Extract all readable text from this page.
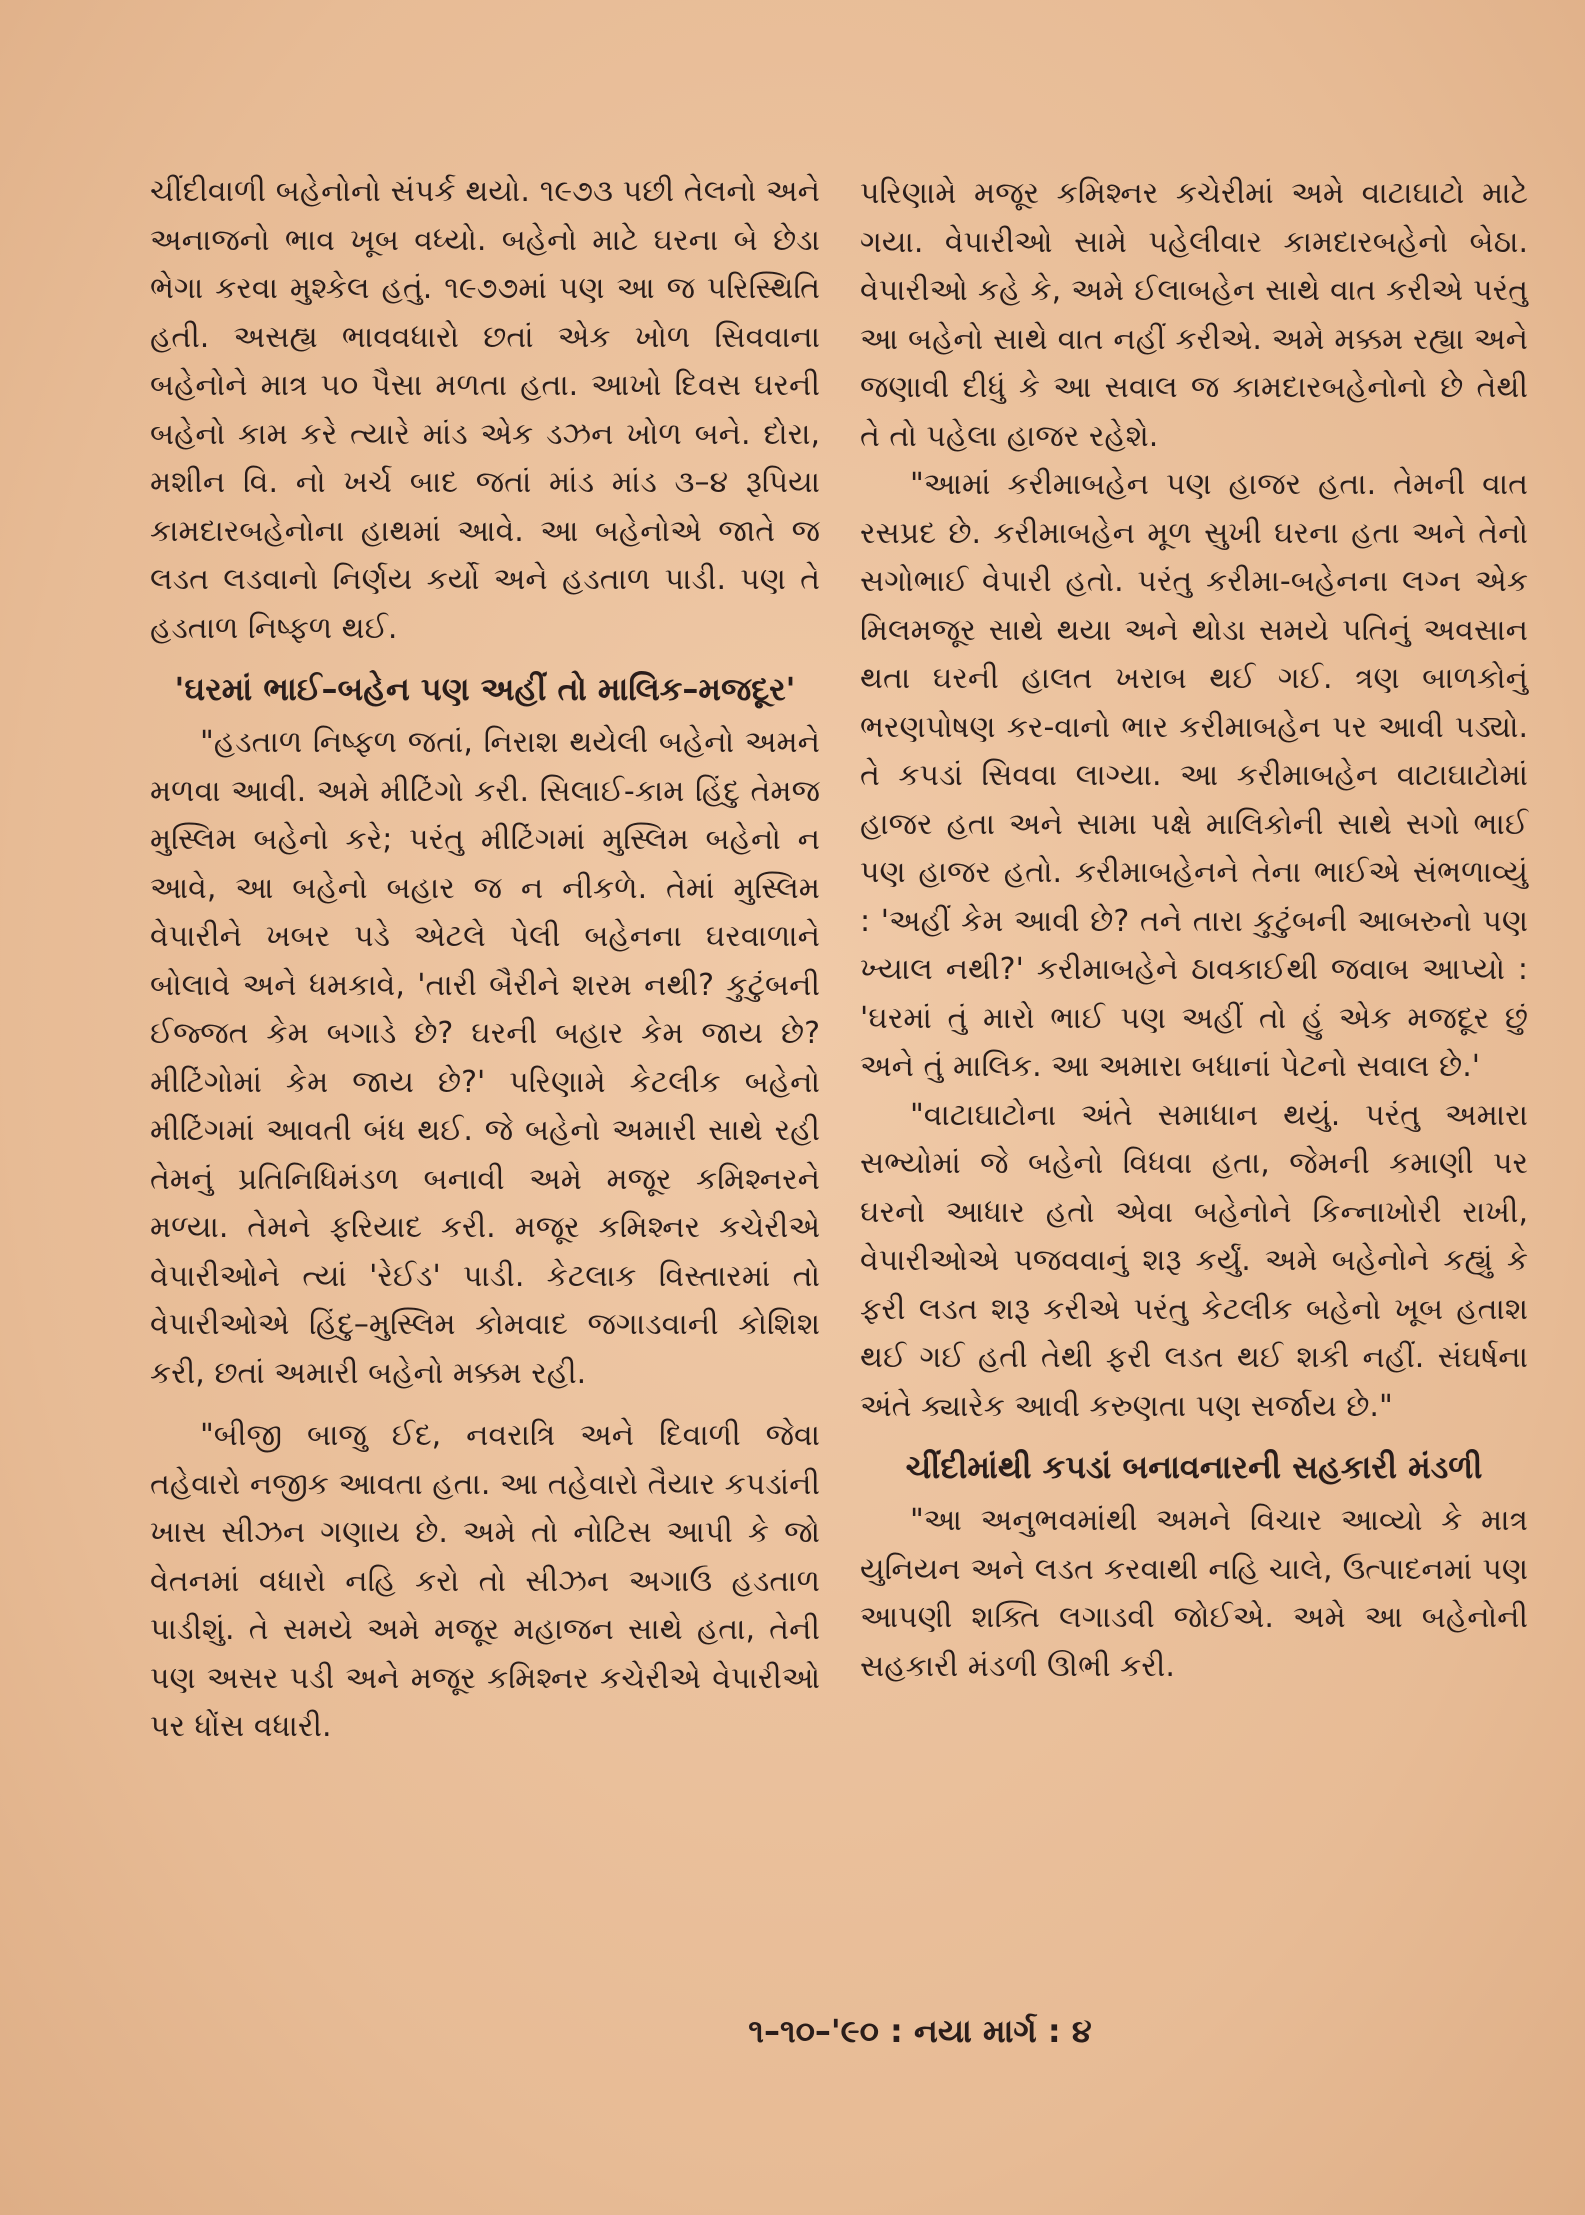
ચીંદીવાળી બહેનોનો સંપર્ક થયો. ૧૯૭૩ પછી તેલનો અને અનાજનો ભાવ ખૂબ વધ્યો. બહેનો માટે ઘરના બે છેડા ભેગા કરવા મુશ્કેલ હતું. ૧૯૭૭માં પણ આ જ પરિસ્થિતિ હતી. અસહ્ય ભાવવધારો છતાં એક ખોળ સિવવાના બહેનોને માત્ર ૫૦ પૈસા મળતા હતા. આખો દિવસ ઘરની બહેનો કામ કરે ત્યારે માંડ એક ડઝન ખોળ બને. દોરા, મશીન વિ. નો ખર્ચ બાદ જતાં માંડ માંડ ૩–૪ રૂપિયા કામદારબહેનોના હાથમાં આવે. આ બહેનોએ જાતે જ લડત લડવાનો નિર્ણય કર્યો અને હડતાળ પાડી. પણ તે હડતાળ નિષ્ફળ થઈ.

'ઘરમાં ભાઈ–બહેન પણ અહીં તો માલિક–મજદૂર'

"હડતાળ નિષ્ફળ જતાં, નિરાશ થયેલી બહેનો અમને મળવા આવી. અમે મીટિંગો કરી. સિલાઈ-કામ હિંદુ તેમજ મુસ્લિમ બહેનો કરે; પરંતુ મીટિંગમાં મુસ્લિમ બહેનો ન આવે, આ બહેનો બહાર જ ન નીકળે. તેમાં મુસ્લિમ વેપારીને ખબર પડે એટલે પેલી બહેનના ઘરવાળાને બોલાવે અને ધમકાવે, 'તારી બૈરીને શરમ નથી? કુટુંબની ઈજ્જત કેમ બગાડે છે? ઘરની બહાર કેમ જાય છે? મીટિંગોમાં કેમ જાય છે?' પરિણામે કેટલીક બહેનો મીટિંગમાં આવતી બંધ થઈ. જે બહેનો અમારી સાથે રહી તેમનું પ્રતિનિધિમંડળ બનાવી અમે મજૂર કમિશ્નરને મળ્યા. તેમને ફરિયાદ કરી. મજૂર કમિશ્નર કચેરીએ વેપારીઓને ત્યાં 'રેઈડ' પાડી. કેટલાક વિસ્તારમાં તો વેપારીઓએ હિંદુ–મુસ્લિમ કોમવાદ જગાડવાની કોશિશ કરી, છતાં અમારી બહેનો મક્કમ રહી.

"બીજી બાજુ ઈદ, નવરાત્રિ અને દિવાળી જેવા તહેવારો નજીક આવતા હતા. આ તહેવારો તૈયાર કપડાંની ખાસ સીઝન ગણાય છે. અમે તો નોટિસ આપી કે જો વેતનમાં વધારો નહિ કરો તો સીઝન અગાઉ હડતાળ પાડીશું. તે સમયે અમે મજૂર મહાજન સાથે હતા, તેની પણ અસર પડી અને મજૂર કમિશ્નર કચેરીએ વેપારીઓ પર ધોંસ વધારી.

પરિણામે મજૂર કમિશ્નર કચેરીમાં અમે વાટાઘાટો માટે ગયા. વેપારીઓ સામે પહેલીવાર કામદારબહેનો બેઠા. વેપારીઓ કહે કે, અમે ઈલાબહેન સાથે વાત કરીએ પરંતુ આ બહેનો સાથે વાત નહીં કરીએ. અમે મક્કમ રહ્યા અને જણાવી દીધું કે આ સવાલ જ કામદારબહેનોનો છે તેથી તે તો પહેલા હાજર રહેશે.

"આમાં કરીમાબહેન પણ હાજર હતા. તેમની વાત રસપ્રદ છે. કરીમાબહેન મૂળ સુખી ઘરના હતા અને તેનો સગોભાઈ વેપારી હતો. પરંતુ કરીમા-બહેનના લગ્ન એક મિલમજૂર સાથે થયા અને થોડા સમયે પતિનું અવસાન થતા ઘરની હાલત ખરાબ થઈ ગઈ. ત્રણ બાળકોનું ભરણપોષણ કર-વાનો ભાર કરીમાબહેન પર આવી પડ્યો. તે કપડાં સિવવા લાગ્યા. આ કરીમાબહેન વાટાઘાટોમાં હાજર હતા અને સામા પક્ષે માલિકોની સાથે સગો ભાઈ પણ હાજર હતો. કરીમાબહેનને તેના ભાઈએ સંભળાવ્યું : 'અહીં કેમ આવી છે? તને તારા કુટુંબની આબરુનો પણ ખ્યાલ નથી?' કરીમાબહેને ઠાવકાઈથી જવાબ આપ્યો : 'ઘરમાં તું મારો ભાઈ પણ અહીં તો હું એક મજદૂર છું અને તું માલિક. આ અમારા બધાનાં પેટનો સવાલ છે.'

"વાટાઘાટોના અંતે સમાધાન થયું. પરંતુ અમારા સભ્યોમાં જે બહેનો વિધવા હતા, જેમની કમાણી પર ઘરનો આધાર હતો એવા બહેનોને કિન્નાખોરી રાખી, વેપારીઓએ પજવવાનું શરૂ કર્યું. અમે બહેનોને કહ્યું કે ફરી લડત શરૂ કરીએ પરંતુ કેટલીક બહેનો ખૂબ હતાશ થઈ ગઈ હતી તેથી ફરી લડત થઈ શકી નહીં. સંઘર્ષના અંતે ક્યારેક આવી કરુણતા પણ સર્જાય છે."

ચીંદીમાંથી કપડાં બનાવનારની સહકારી મંડળી

"આ અનુભવમાંથી અમને વિચાર આવ્યો કે માત્ર યુનિયન અને લડત કરવાથી નહિ ચાલે, ઉત્પાદનમાં પણ આપણી શક્તિ લગાડવી જોઈએ. અમે આ બહેનોની સહકારી મંડળી ઊભી કરી.

૧–૧૦–'૯૦ : નયા માર્ગ : ૪
